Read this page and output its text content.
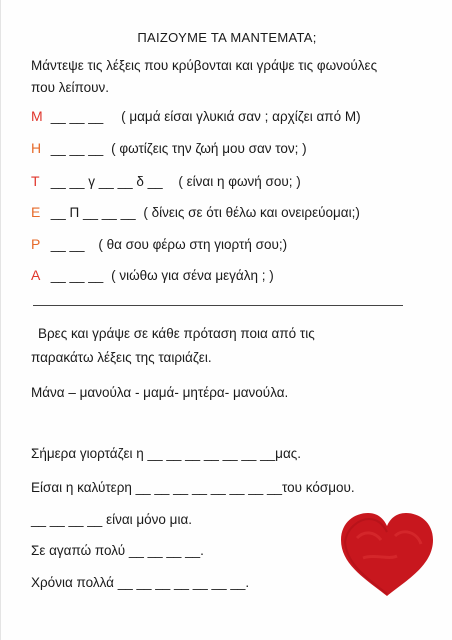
ΠΑΙΖΟΥΜΕ ΤΑ ΜΑΝΤΕΜΑΤΑ;
Μάντεψε τις λέξεις που κρύβονται και γράψε τις φωνούλες
που λείπουν.
Μ __ __ __ ( μαμά είσαι γλυκιά σαν ; αρχίζει από Μ)
Η __ __ __ ( φωτίζεις την ζωή μου σαν τον; )
Τ __ __ γ __ __ δ __ ( είναι η φωνή σου; )
Ε __ Π __ __ __ ( δίνεις σε ότι θέλω και ονειρεύομαι;)
Ρ __ __ ( θα σου φέρω στη γιορτή σου;)
Α __ __ __ ( νιώθω για σένα μεγάλη ; )
Βρες και γράψε σε κάθε πρόταση ποια από τις
παρακάτω λέξεις της ταιριάζει.
Μάνα – μανούλα - μαμά- μητέρα- μανούλα.
Σήμερα γιορτάζει η __ __ __ __ __ __ __μας.
Είσαι η καλύτερη __ __ __ __ __ __ __ __του κόσμου.
__ __ __ __ είναι μόνο μια.
Σε αγαπώ πολύ __ __ __ __.
Χρόνια πολλά __ __ __ __ __ __ __.
